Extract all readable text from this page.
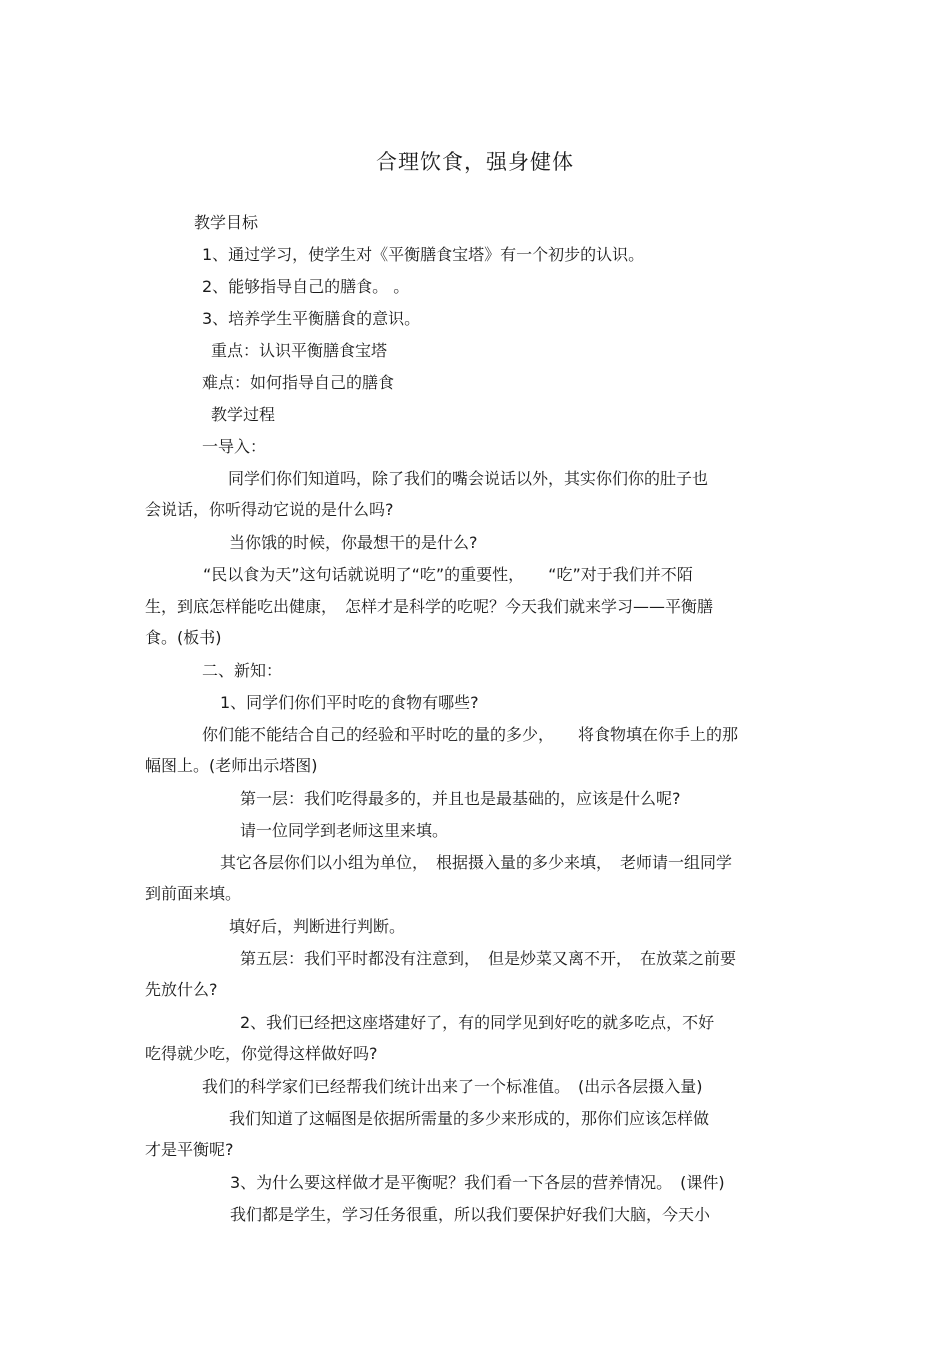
合理饮食，强身健体
教学目标
1、通过学习，使学生对《平衡膳食宝塔》有一个初步的认识。
2、能够指导自己的膳食。 。
3、培养学生平衡膳食的意识。
重点：认识平衡膳食宝塔
难点：如何指导自己的膳食
教学过程
一导入：
同学们你们知道吗，除了我们的嘴会说话以外，其实你们你的肚子也
会说话，你听得动它说的是什么吗?
当你饿的时候，你最想干的是什么?
“民以食为天”这句话就说明了“吃”的重要性，　　“吃”对于我们并不陌
生，到底怎样能吃出健康，　怎样才是科学的吃呢？今天我们就来学习——平衡膳
食。(板书)
二、新知：
1、同学们你们平时吃的食物有哪些?
你们能不能结合自己的经验和平时吃的量的多少，　　将食物填在你手上的那
幅图上。(老师出示塔图)
第一层：我们吃得最多的，并且也是最基础的，应该是什么呢?
请一位同学到老师这里来填。
其它各层你们以小组为单位，　根据摄入量的多少来填，　老师请一组同学
到前面来填。
填好后，判断进行判断。
第五层：我们平时都没有注意到，　但是炒菜又离不开，　在放菜之前要
先放什么?
2、我们已经把这座塔建好了，有的同学见到好吃的就多吃点，不好
吃得就少吃，你觉得这样做好吗?
我们的科学家们已经帮我们统计出来了一个标准值。　(出示各层摄入量)
我们知道了这幅图是依据所需量的多少来形成的，那你们应该怎样做
才是平衡呢?
3、为什么要这样做才是平衡呢？我们看一下各层的营养情况。　(课件)
我们都是学生，学习任务很重，所以我们要保护好我们大脑，今天小
